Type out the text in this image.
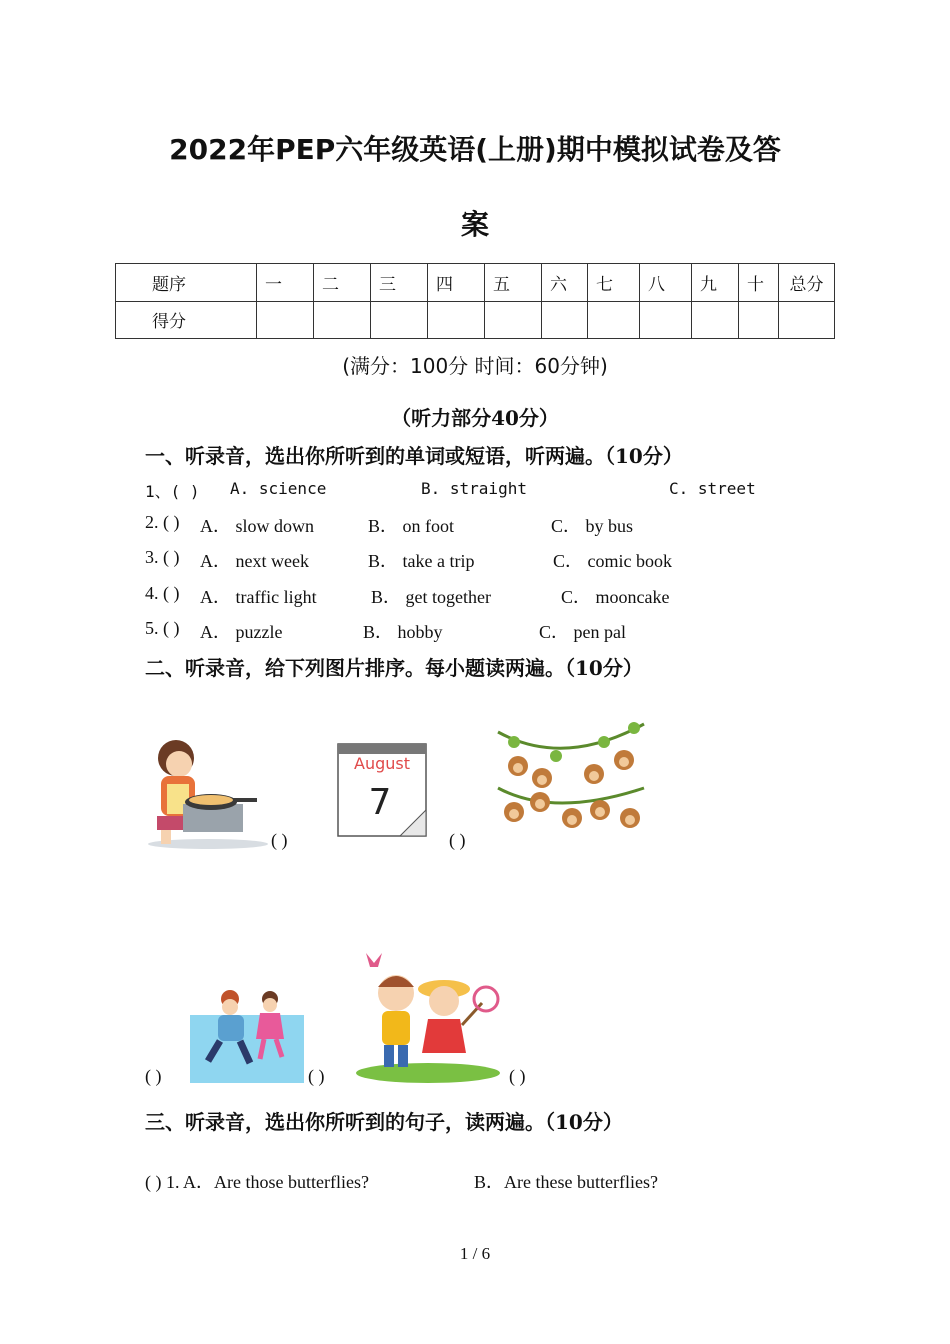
2022年PEP六年级英语(上册)期中模拟试卷及答
案
题序	一	二	三	四	五	六	七	八	九	十	总分
得分											
(满分：100分 时间：60分钟)
（听力部分40分）
一、听录音，选出你所听到的单词或短语，听两遍。（10分）
1、( ) A. science	B. straight	C. street
2. ( ) A． slow down	B． on foot	C． by bus
3. ( ) A． next week	B． take a trip	C． comic book
4. ( ) A． traffic light	B． get together	C． mooncake
5. ( ) A． puzzle	B． hobby	C． pen pal
二、听录音，给下列图片排序。每小题读两遍。（10分）
( )
August
7
( )
( )	( )	( )
三、听录音，选出你所听到的句子，读两遍。（10分）
( ) 1. A．Are those butterflies?	B．Are these butterflies?
1 / 6
